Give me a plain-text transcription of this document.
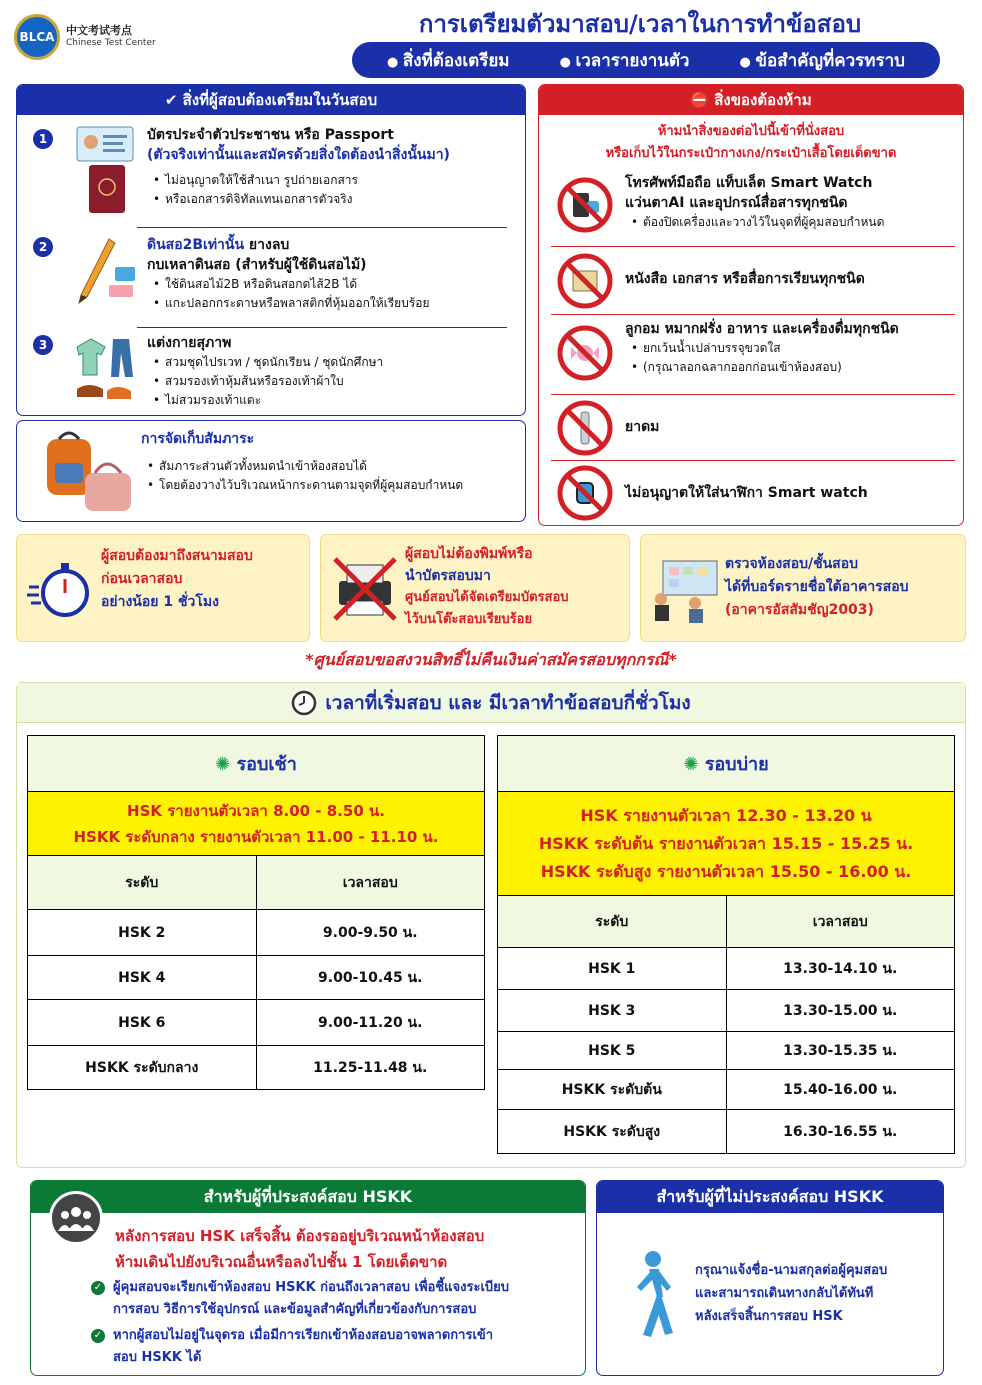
BLCA	中文考试考点
Chinese Test Center
การเตรียมตัวมาสอบ/เวลาในการทำข้อสอบ
● สิ่งที่ต้องเตรียม	● เวลารายงานตัว	● ข้อสำคัญที่ควรทราบ
✔ สิ่งที่ผู้สอบต้องเตรียมในวันสอบ
1	บัตรประจำตัวประชาชน หรือ Passport
(ตัวจริงเท่านั้นและสมัครด้วยสิ่งใดต้องนำสิ่งนั้นมา)
• ไม่อนุญาตให้ใช้สำเนา รูปถ่ายเอกสาร
• หรือเอกสารดิจิทัลแทนเอกสารตัวจริง
2	ดินสอ2Bเท่านั้น ยางลบ
กบเหลาดินสอ (สำหรับผู้ใช้ดินสอไม้)
• ใช้ดินสอไม้2B หรือดินสอกดไส้2B ได้
• แกะปลอกกระดาษหรือพลาสติกที่หุ้มออกให้เรียบร้อย
3	แต่งกายสุภาพ
• สวมชุดไปรเวท / ชุดนักเรียน / ชุดนักศึกษา
• สวมรองเท้าหุ้มส้นหรือรองเท้าผ้าใบ
• ไม่สวมรองเท้าแตะ
การจัดเก็บสัมภาระ
• สัมภาระส่วนตัวทั้งหมดนำเข้าห้องสอบได้
• โดยต้องวางไว้บริเวณหน้ากระดานตามจุดที่ผู้คุมสอบกำหนด
⛔ สิ่งของต้องห้าม
ห้ามนำสิ่งของต่อไปนี้เข้าที่นั่งสอบ
หรือเก็บไว้ในกระเป๋ากางเกง/กระเป๋าเสื้อโดยเด็ดขาด
โทรศัพท์มือถือ แท็บเล็ต Smart Watch
แว่นตาAI และอุปกรณ์สื่อสารทุกชนิด
• ต้องปิดเครื่องและวางไว้ในจุดที่ผู้คุมสอบกำหนด
หนังสือ เอกสาร หรือสื่อการเรียนทุกชนิด
ลูกอม หมากฝรั่ง อาหาร และเครื่องดื่มทุกชนิด
• ยกเว้นน้ำเปล่าบรรจุขวดใส
• (กรุณาลอกฉลากออกก่อนเข้าห้องสอบ)
ยาดม
ไม่อนุญาตให้ใส่นาฬิกา Smart watch
ผู้สอบต้องมาถึงสนามสอบ
ก่อนเวลาสอบ
อย่างน้อย 1 ชั่วโมง
ผู้สอบไม่ต้องพิมพ์หรือ
นำบัตรสอบมา
ศูนย์สอบได้จัดเตรียมบัตรสอบ
ไว้บนโต๊ะสอบเรียบร้อย
ตรวจห้องสอบ/ชั้นสอบ
ได้ที่บอร์ดรายชื่อใต้อาคารสอบ
(อาคารอัสสัมชัญ2003)
*ศูนย์สอบขอสงวนสิทธิ์ไม่คืนเงินค่าสมัครสอบทุกกรณี*
เวลาที่เริ่มสอบ และ มีเวลาทำข้อสอบกี่ชั่วโมง
✺ รอบเช้า	

HSK รายงานตัวเวลา 8.00 - 8.50 น.
HSKK ระดับกลาง รายงานตัวเวลา 11.00 - 11.10 น.	

ระดับ	เวลาสอบ
HSK 2	9.00-9.50 น.
HSK 4	9.00-10.45 น.
HSK 6	9.00-11.20 น.
HSKK ระดับกลาง	11.25-11.48 น.
✺ รอบบ่าย	

HSK รายงานตัวเวลา 12.30 - 13.20 น
HSKK ระดับต้น รายงานตัวเวลา 15.15 - 15.25 น.
HSKK ระดับสูง รายงานตัวเวลา 15.50 - 16.00 น.	

ระดับ	เวลาสอบ
HSK 1	13.30-14.10 น.
HSK 3	13.30-15.00 น.
HSK 5	13.30-15.35 น.
HSKK ระดับต้น	15.40-16.00 น.
HSKK ระดับสูง	16.30-16.55 น.
สำหรับผู้ที่ประสงค์สอบ HSKK
หลังการสอบ HSK เสร็จสิ้น ต้องรออยู่บริเวณหน้าห้องสอบ
ห้ามเดินไปยังบริเวณอื่นหรือลงไปชั้น 1 โดยเด็ดขาด
✓ ผู้คุมสอบจะเรียกเข้าห้องสอบ HSKK ก่อนถึงเวลาสอบ เพื่อชี้แจงระเบียบ
การสอบ วิธีการใช้อุปกรณ์ และข้อมูลสำคัญที่เกี่ยวข้องกับการสอบ
✓ หากผู้สอบไม่อยู่ในจุดรอ เมื่อมีการเรียกเข้าห้องสอบอาจพลาดการเข้า
สอบ HSKK ได้
สำหรับผู้ที่ไม่ประสงค์สอบ HSKK
กรุณาแจ้งชื่อ-นามสกุลต่อผู้คุมสอบ
และสามารถเดินทางกลับได้ทันที
หลังเสร็จสิ้นการสอบ HSK
